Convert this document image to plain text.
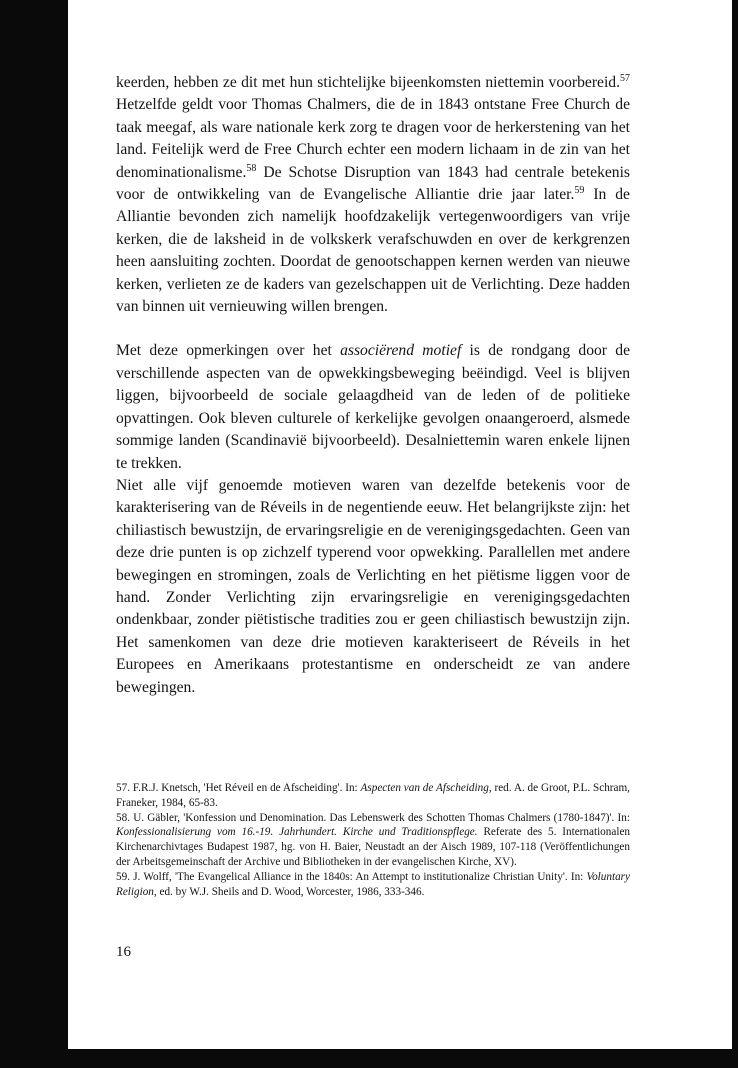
keerden, hebben ze dit met hun stichtelijke bijeenkomsten niettemin voorbereid.$^{57}$ Hetzelfde geldt voor Thomas Chalmers, die de in 1843 ontstane Free Church de taak meegaf, als ware nationale kerk zorg te dragen voor de herkerstening van het land. Feitelijk werd de Free Church echter een modern lichaam in de zin van het denominationalisme.$^{58}$ De Schotse Disruption van 1843 had centrale betekenis voor de ontwikkeling van de Evangelische Alliantie drie jaar later.$^{59}$ In de Alliantie bevonden zich namelijk hoofdzakelijk vertegenwoordigers van vrije kerken, die de laksheid in de volkskerk verafschuwden en over de kerkgrenzen heen aansluiting zochten. Doordat de genootschappen kernen werden van nieuwe kerken, verlieten ze de kaders van gezelschappen uit de Verlichting. Deze hadden van binnen uit vernieuwing willen brengen.

Met deze opmerkingen over het associërend motief is de rondgang door de verschillende aspecten van de opwekkingsbeweging beëindigd. Veel is blijven liggen, bijvoorbeeld de sociale gelaagdheid van de leden of de politieke opvattingen. Ook bleven culturele of kerkelijke gevolgen onaangeroerd, alsmede sommige landen (Scandinavië bijvoorbeeld). Desalniettemin waren enkele lijnen te trekken.

Niet alle vijf genoemde motieven waren van dezelfde betekenis voor de karakterisering van de Réveils in de negentiende eeuw. Het belangrijkste zijn: het chiliastisch bewustzijn, de ervaringsreligie en de verenigingsgedachten. Geen van deze drie punten is op zichzelf typerend voor opwekking. Parallellen met andere bewegingen en stromingen, zoals de Verlichting en het piëtisme liggen voor de hand. Zonder Verlichting zijn ervaringsreligie en verenigingsgedachten ondenkbaar, zonder piëtistische tradities zou er geen chiliastisch bewustzijn zijn. Het samenkomen van deze drie motieven karakteriseert de Réveils in het Europees en Amerikaans protestantisme en onderscheidt ze van andere bewegingen.

57. F.R.J. Knetsch, 'Het Réveil en de Afscheiding'. In: Aspecten van de Afscheiding, red. A. de Groot, P.L. Schram, Franeker, 1984, 65-83.

58. U. Gäbler, 'Konfession und Denomination. Das Lebenswerk des Schotten Thomas Chalmers (1780-1847)'. In: Konfessionalisierung vom 16.-19. Jahrhundert. Kirche und Traditionspflege. Referate des 5. Internationalen Kirchenarchivtages Budapest 1987, hg. von H. Baier, Neustadt an der Aisch 1989, 107-118 (Veröffentlichungen der Arbeitsgemeinschaft der Archive und Bibliotheken in der evangelischen Kirche, XV).

59. J. Wolff, 'The Evangelical Alliance in the 1840s: An Attempt to institutionalize Christian Unity'. In: Voluntary Religion, ed. by W.J. Sheils and D. Wood, Worcester, 1986, 333-346.

16
